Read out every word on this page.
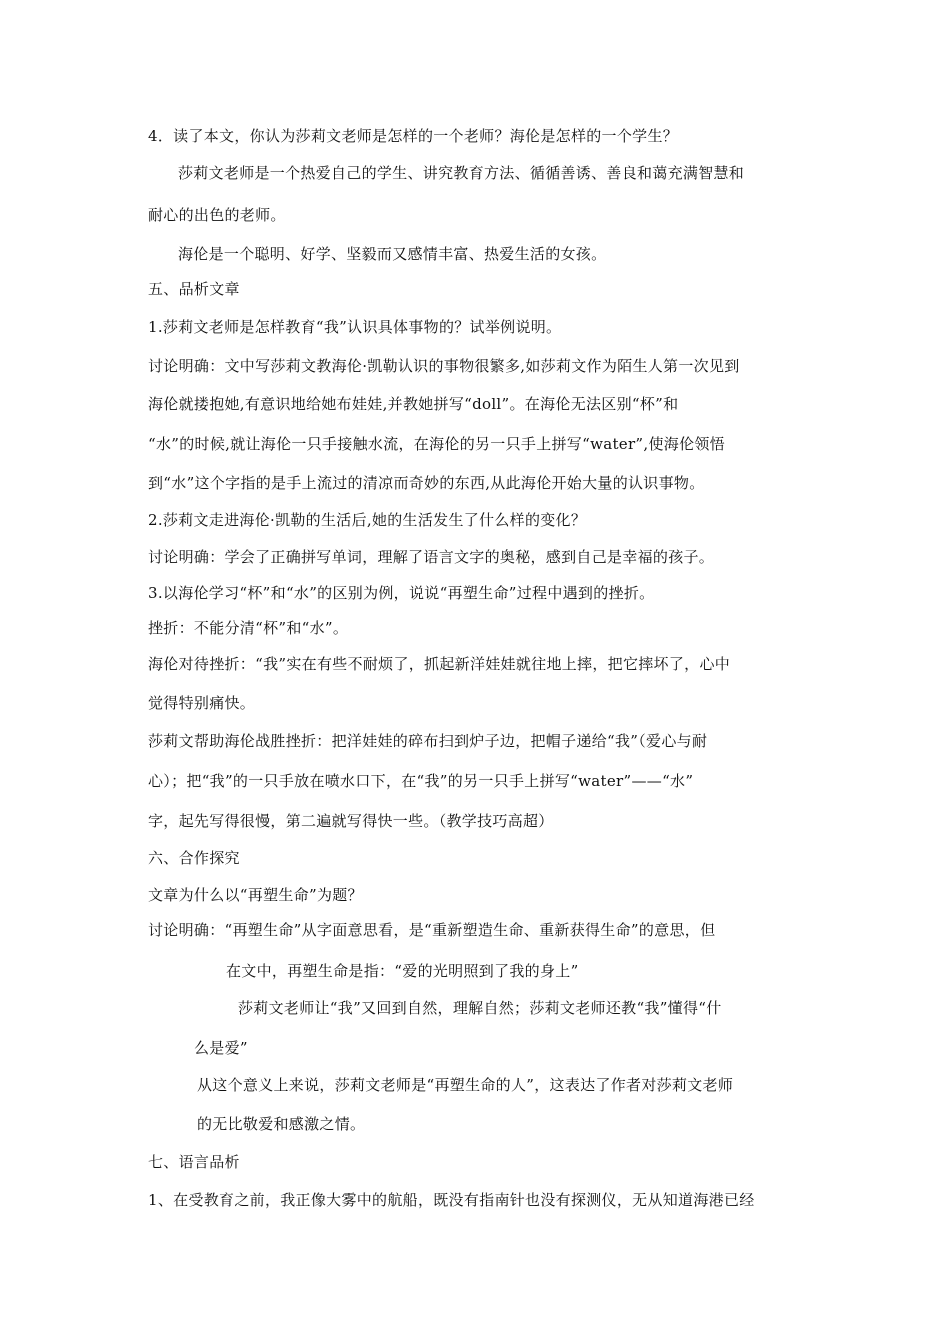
4．读了本文，你认为莎莉文老师是怎样的一个老师？海伦是怎样的一个学生？
莎莉文老师是一个热爱自己的学生、讲究教育方法、循循善诱、善良和蔼充满智慧和
耐心的出色的老师。
海伦是一个聪明、好学、坚毅而又感情丰富、热爱生活的女孩。
五、品析文章
1.莎莉文老师是怎样教育“我”认识具体事物的？试举例说明。
讨论明确：文中写莎莉文教海伦·凯勒认识的事物很繁多,如莎莉文作为陌生人第一次见到
海伦就搂抱她,有意识地给她布娃娃,并教她拼写“doll”。在海伦无法区别“杯”和
“水”的时候,就让海伦一只手接触水流，在海伦的另一只手上拼写“water”,使海伦领悟
到“水”这个字指的是手上流过的清凉而奇妙的东西,从此海伦开始大量的认识事物。
2.莎莉文走进海伦·凯勒的生活后,她的生活发生了什么样的变化？
讨论明确：学会了正确拼写单词，理解了语言文字的奥秘，感到自己是幸福的孩子。
3.以海伦学习“杯”和“水”的区别为例，说说“再塑生命”过程中遇到的挫折。
挫折：不能分清“杯”和“水”。
海伦对待挫折：“我”实在有些不耐烦了，抓起新洋娃娃就往地上摔，把它摔坏了，心中
觉得特别痛快。
莎莉文帮助海伦战胜挫折：把洋娃娃的碎布扫到炉子边，把帽子递给“我”（爱心与耐
心）；把“我”的一只手放在喷水口下，在“我”的另一只手上拼写“water”——“水”
字，起先写得很慢，第二遍就写得快一些。（教学技巧高超）
六、合作探究
文章为什么以“再塑生命”为题？
讨论明确：“再塑生命”从字面意思看，是“重新塑造生命、重新获得生命”的意思，但
在文中，再塑生命是指：“爱的光明照到了我的身上”
莎莉文老师让“我”又回到自然，理解自然；莎莉文老师还教“我”懂得“什
么是爱”
从这个意义上来说，莎莉文老师是“再塑生命的人”，这表达了作者对莎莉文老师
的无比敬爱和感激之情。
七、语言品析
1、在受教育之前，我正像大雾中的航船，既没有指南针也没有探测仪，无从知道海港已经
